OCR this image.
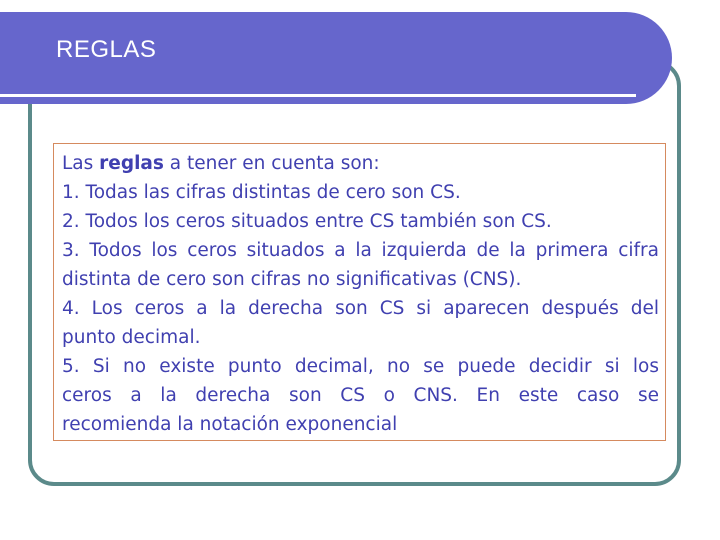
REGLAS
Las reglas a tener en cuenta son:
1. Todas las cifras distintas de cero son CS.
2. Todos los ceros situados entre CS también son CS.
3. Todos los ceros situados a la izquierda de la primera cifra
distinta de cero son cifras no significativas (CNS).
4. Los ceros a la derecha son CS si aparecen después del
punto decimal.
5. Si no existe punto decimal, no se puede decidir si los
ceros a la derecha son CS o CNS. En este caso se
recomienda la notación exponencial
